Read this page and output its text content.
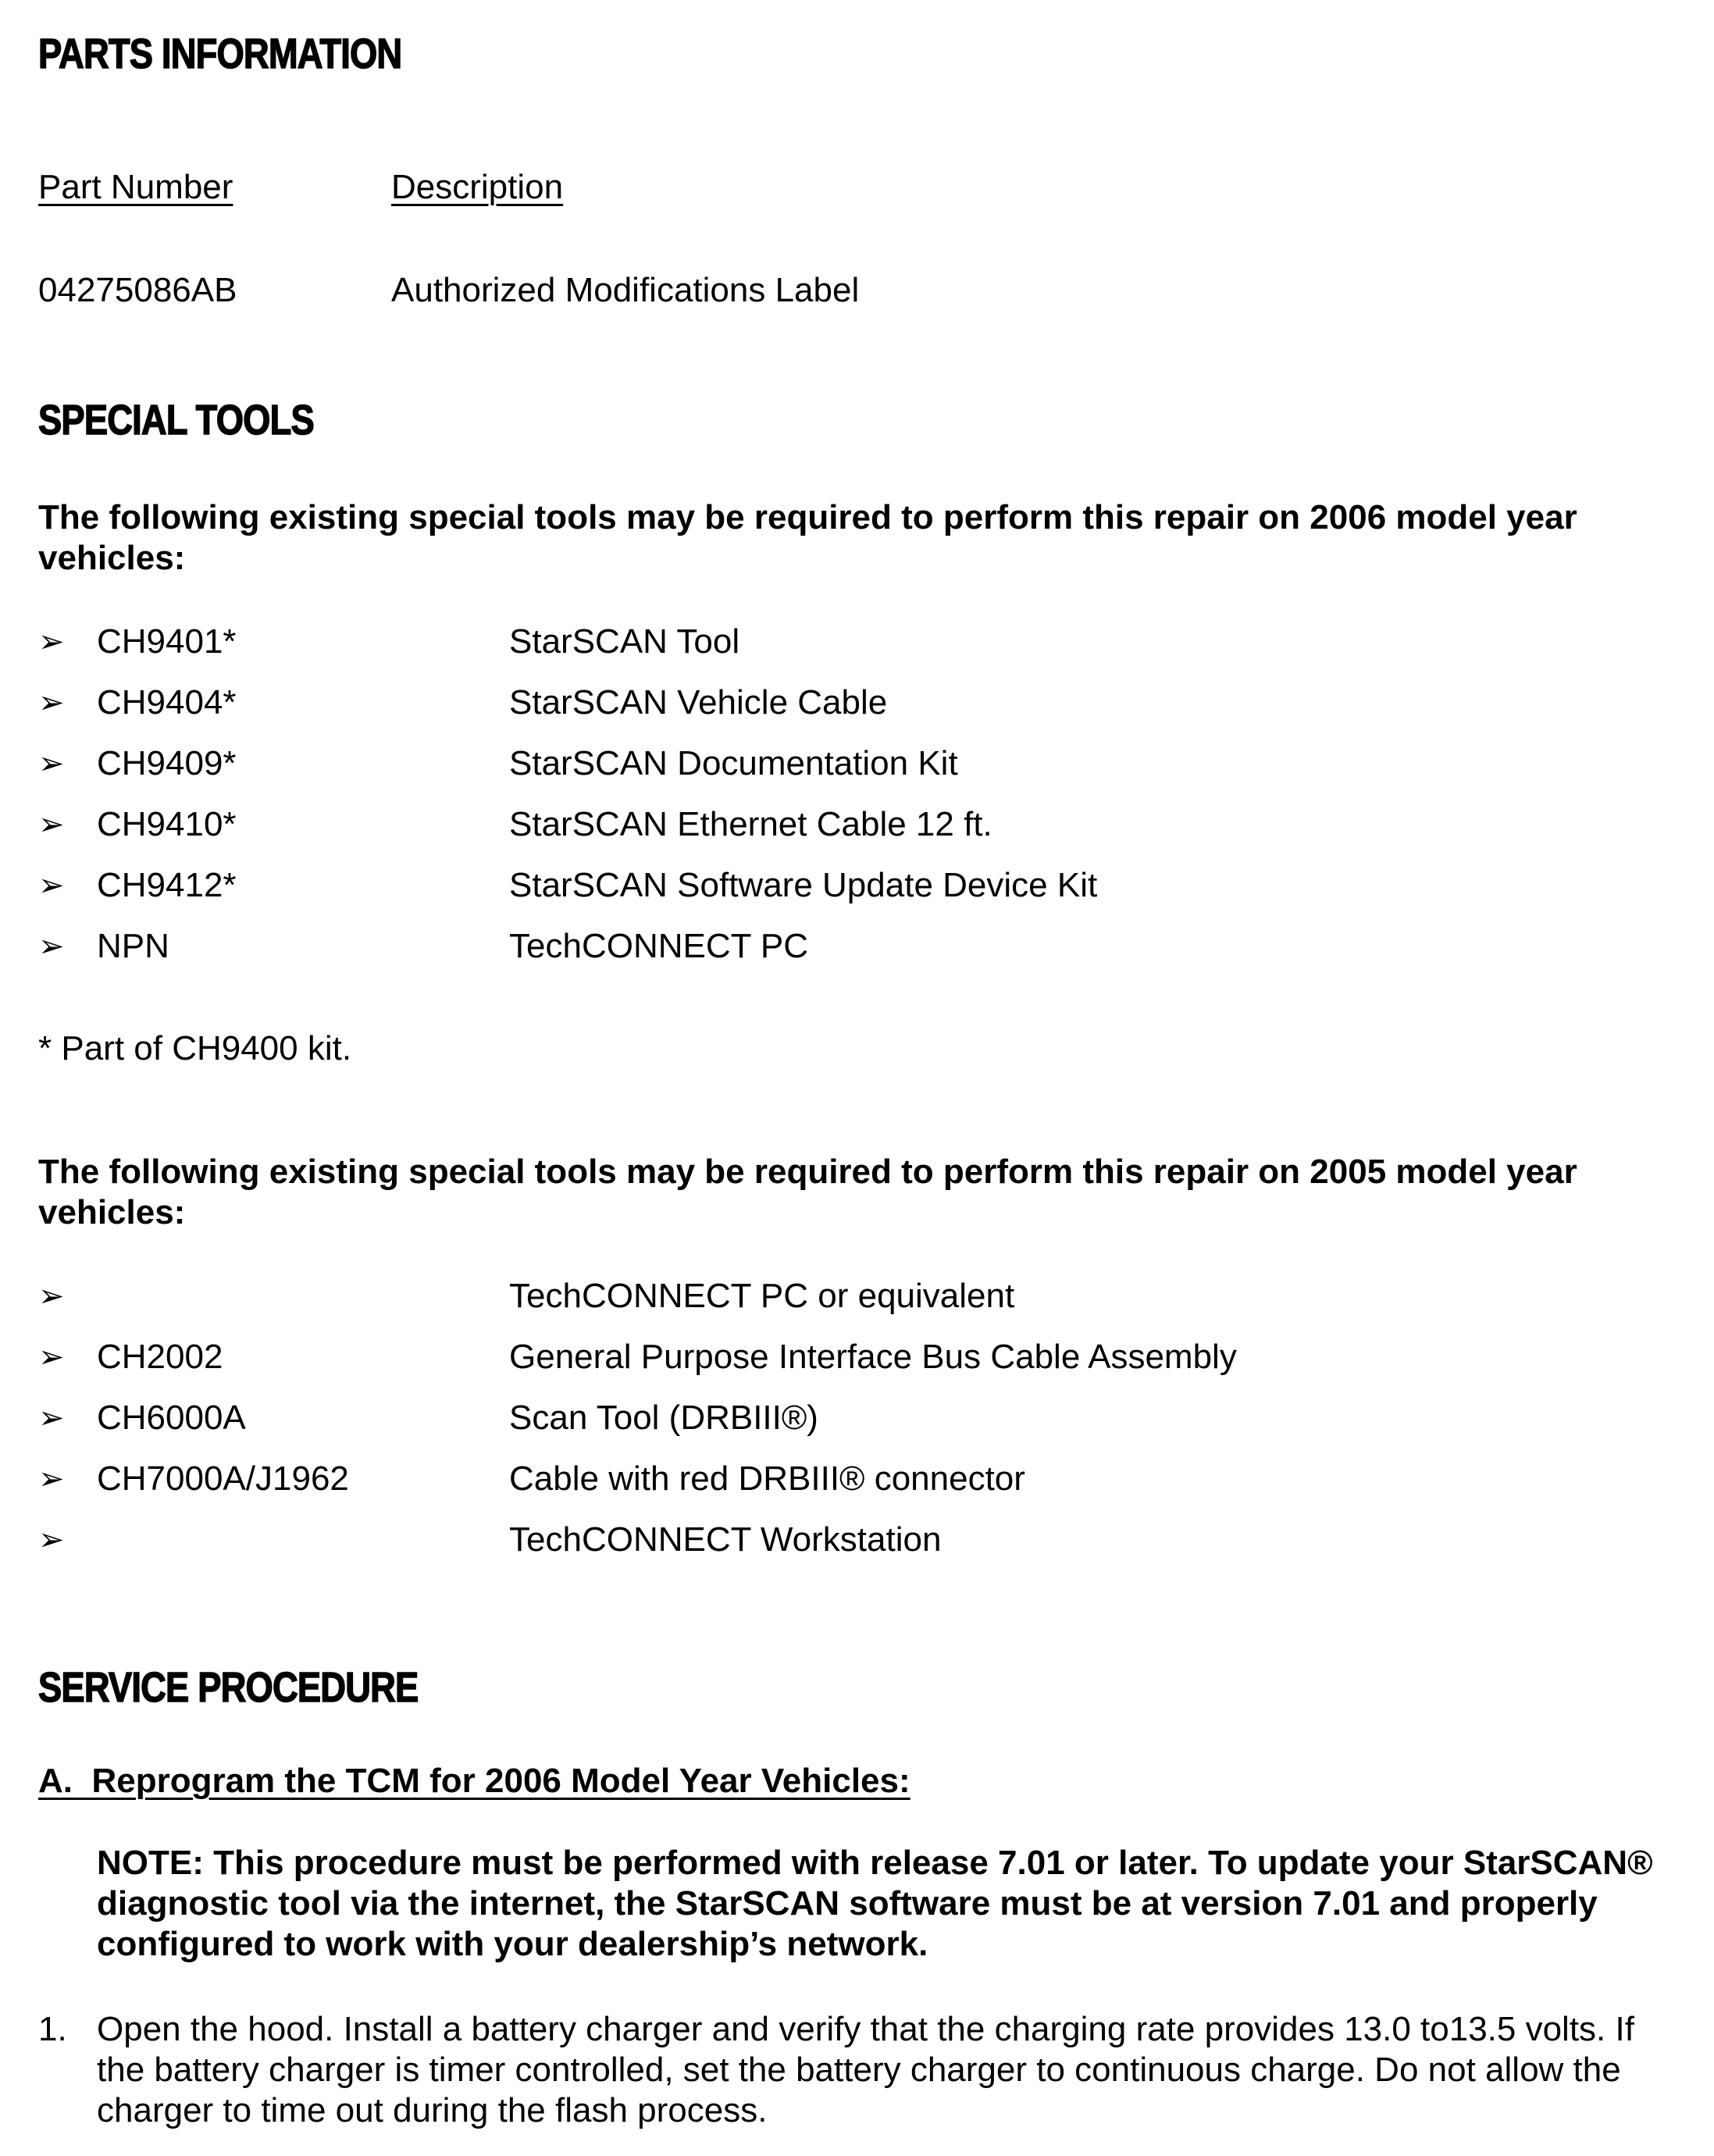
PARTS INFORMATION
Part Number	Description
04275086AB	Authorized Modifications Label
SPECIAL TOOLS
The following existing special tools may be required to perform this repair on 2006 model year vehicles:
➢ CH9401*	StarSCAN Tool
➢ CH9404*	StarSCAN Vehicle Cable
➢ CH9409*	StarSCAN Documentation Kit
➢ CH9410*	StarSCAN Ethernet Cable 12 ft.
➢ CH9412*	StarSCAN Software Update Device Kit
➢ NPN	TechCONNECT PC
* Part of CH9400 kit.
The following existing special tools may be required to perform this repair on 2005 model year vehicles:
➢	TechCONNECT PC or equivalent
➢ CH2002	General Purpose Interface Bus Cable Assembly
➢ CH6000A	Scan Tool (DRBIII®)
➢ CH7000A/J1962	Cable with red DRBIII® connector
➢	TechCONNECT Workstation
SERVICE PROCEDURE
A.  Reprogram the TCM for 2006 Model Year Vehicles:
NOTE: This procedure must be performed with release 7.01 or later. To update your StarSCAN® diagnostic tool via the internet, the StarSCAN software must be at version 7.01 and properly configured to work with your dealership’s network.
1. Open the hood. Install a battery charger and verify that the charging rate provides 13.0 to13.5 volts. If the battery charger is timer controlled, set the battery charger to continuous charge. Do not allow the charger to time out during the flash process.
